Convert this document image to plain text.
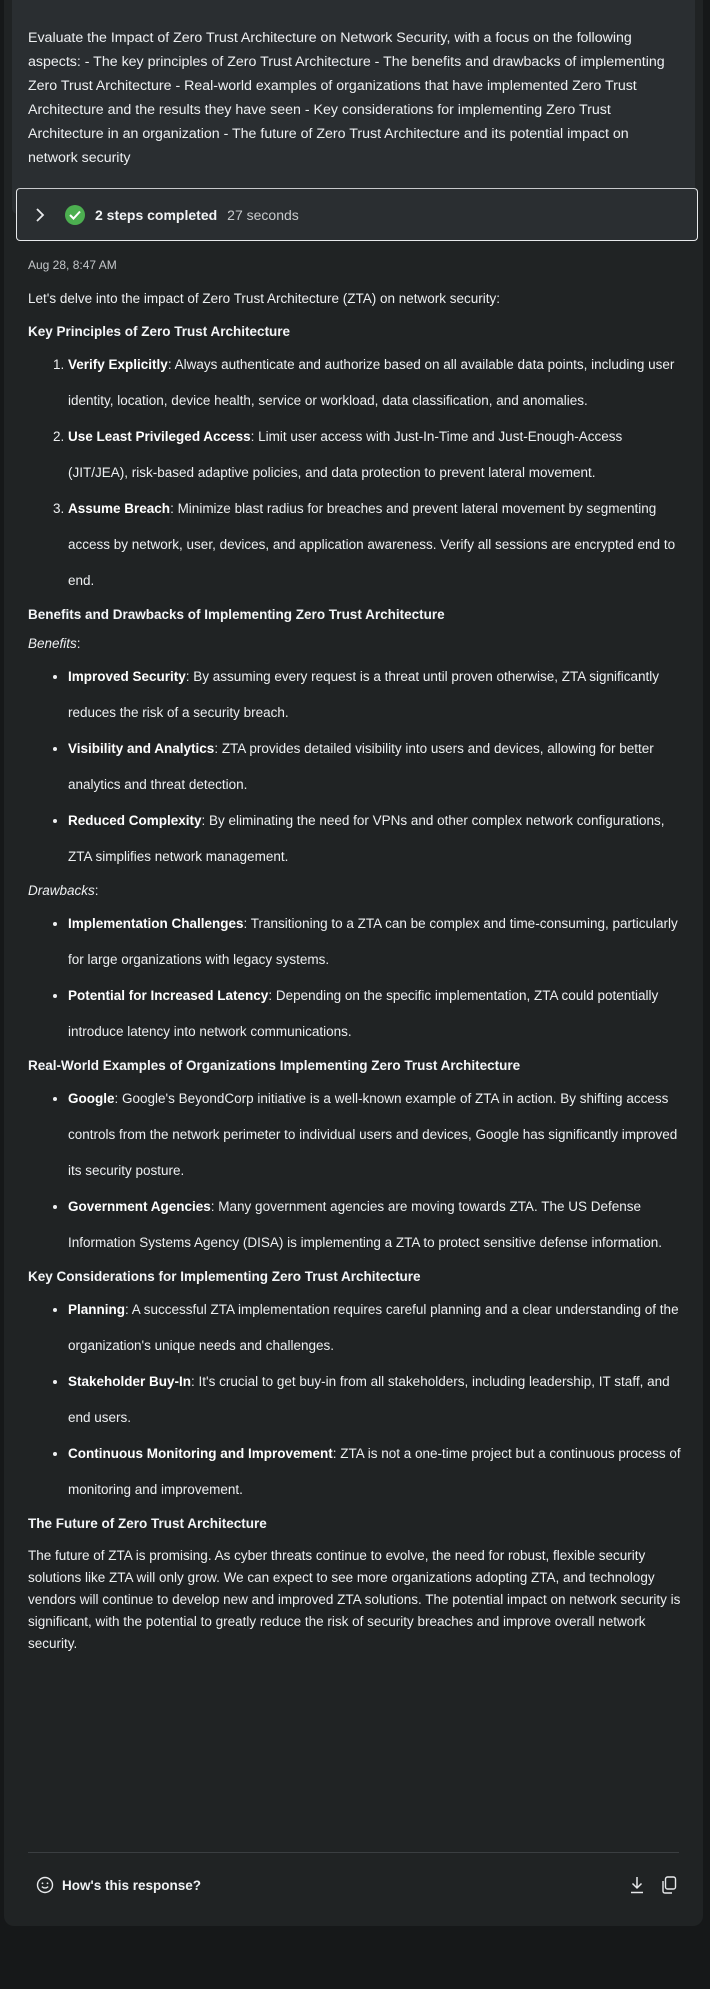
Evaluate the Impact of Zero Trust Architecture on Network Security, with a focus on the following aspects: - The key principles of Zero Trust Architecture - The benefits and drawbacks of implementing Zero Trust Architecture - Real-world examples of organizations that have implemented Zero Trust Architecture and the results they have seen - Key considerations for implementing Zero Trust Architecture in an organization - The future of Zero Trust Architecture and its potential impact on network security
2 steps completed 27 seconds
Aug 28, 8:47 AM
Let's delve into the impact of Zero Trust Architecture (ZTA) on network security:
Key Principles of Zero Trust Architecture
1. Verify Explicitly: Always authenticate and authorize based on all available data points, including user identity, location, device health, service or workload, data classification, and anomalies.
2. Use Least Privileged Access: Limit user access with Just-In-Time and Just-Enough-Access (JIT/JEA), risk-based adaptive policies, and data protection to prevent lateral movement.
3. Assume Breach: Minimize blast radius for breaches and prevent lateral movement by segmenting access by network, user, devices, and application awareness. Verify all sessions are encrypted end to end.
Benefits and Drawbacks of Implementing Zero Trust Architecture
Benefits:
• Improved Security: By assuming every request is a threat until proven otherwise, ZTA significantly reduces the risk of a security breach.
• Visibility and Analytics: ZTA provides detailed visibility into users and devices, allowing for better analytics and threat detection.
• Reduced Complexity: By eliminating the need for VPNs and other complex network configurations, ZTA simplifies network management.
Drawbacks:
• Implementation Challenges: Transitioning to a ZTA can be complex and time-consuming, particularly for large organizations with legacy systems.
• Potential for Increased Latency: Depending on the specific implementation, ZTA could potentially introduce latency into network communications.
Real-World Examples of Organizations Implementing Zero Trust Architecture
• Google: Google's BeyondCorp initiative is a well-known example of ZTA in action. By shifting access controls from the network perimeter to individual users and devices, Google has significantly improved its security posture.
• Government Agencies: Many government agencies are moving towards ZTA. The US Defense Information Systems Agency (DISA) is implementing a ZTA to protect sensitive defense information.
Key Considerations for Implementing Zero Trust Architecture
• Planning: A successful ZTA implementation requires careful planning and a clear understanding of the organization's unique needs and challenges.
• Stakeholder Buy-In: It's crucial to get buy-in from all stakeholders, including leadership, IT staff, and end users.
• Continuous Monitoring and Improvement: ZTA is not a one-time project but a continuous process of monitoring and improvement.
The Future of Zero Trust Architecture
The future of ZTA is promising. As cyber threats continue to evolve, the need for robust, flexible security solutions like ZTA will only grow. We can expect to see more organizations adopting ZTA, and technology vendors will continue to develop new and improved ZTA solutions. The potential impact on network security is significant, with the potential to greatly reduce the risk of security breaches and improve overall network security.
How's this response?
